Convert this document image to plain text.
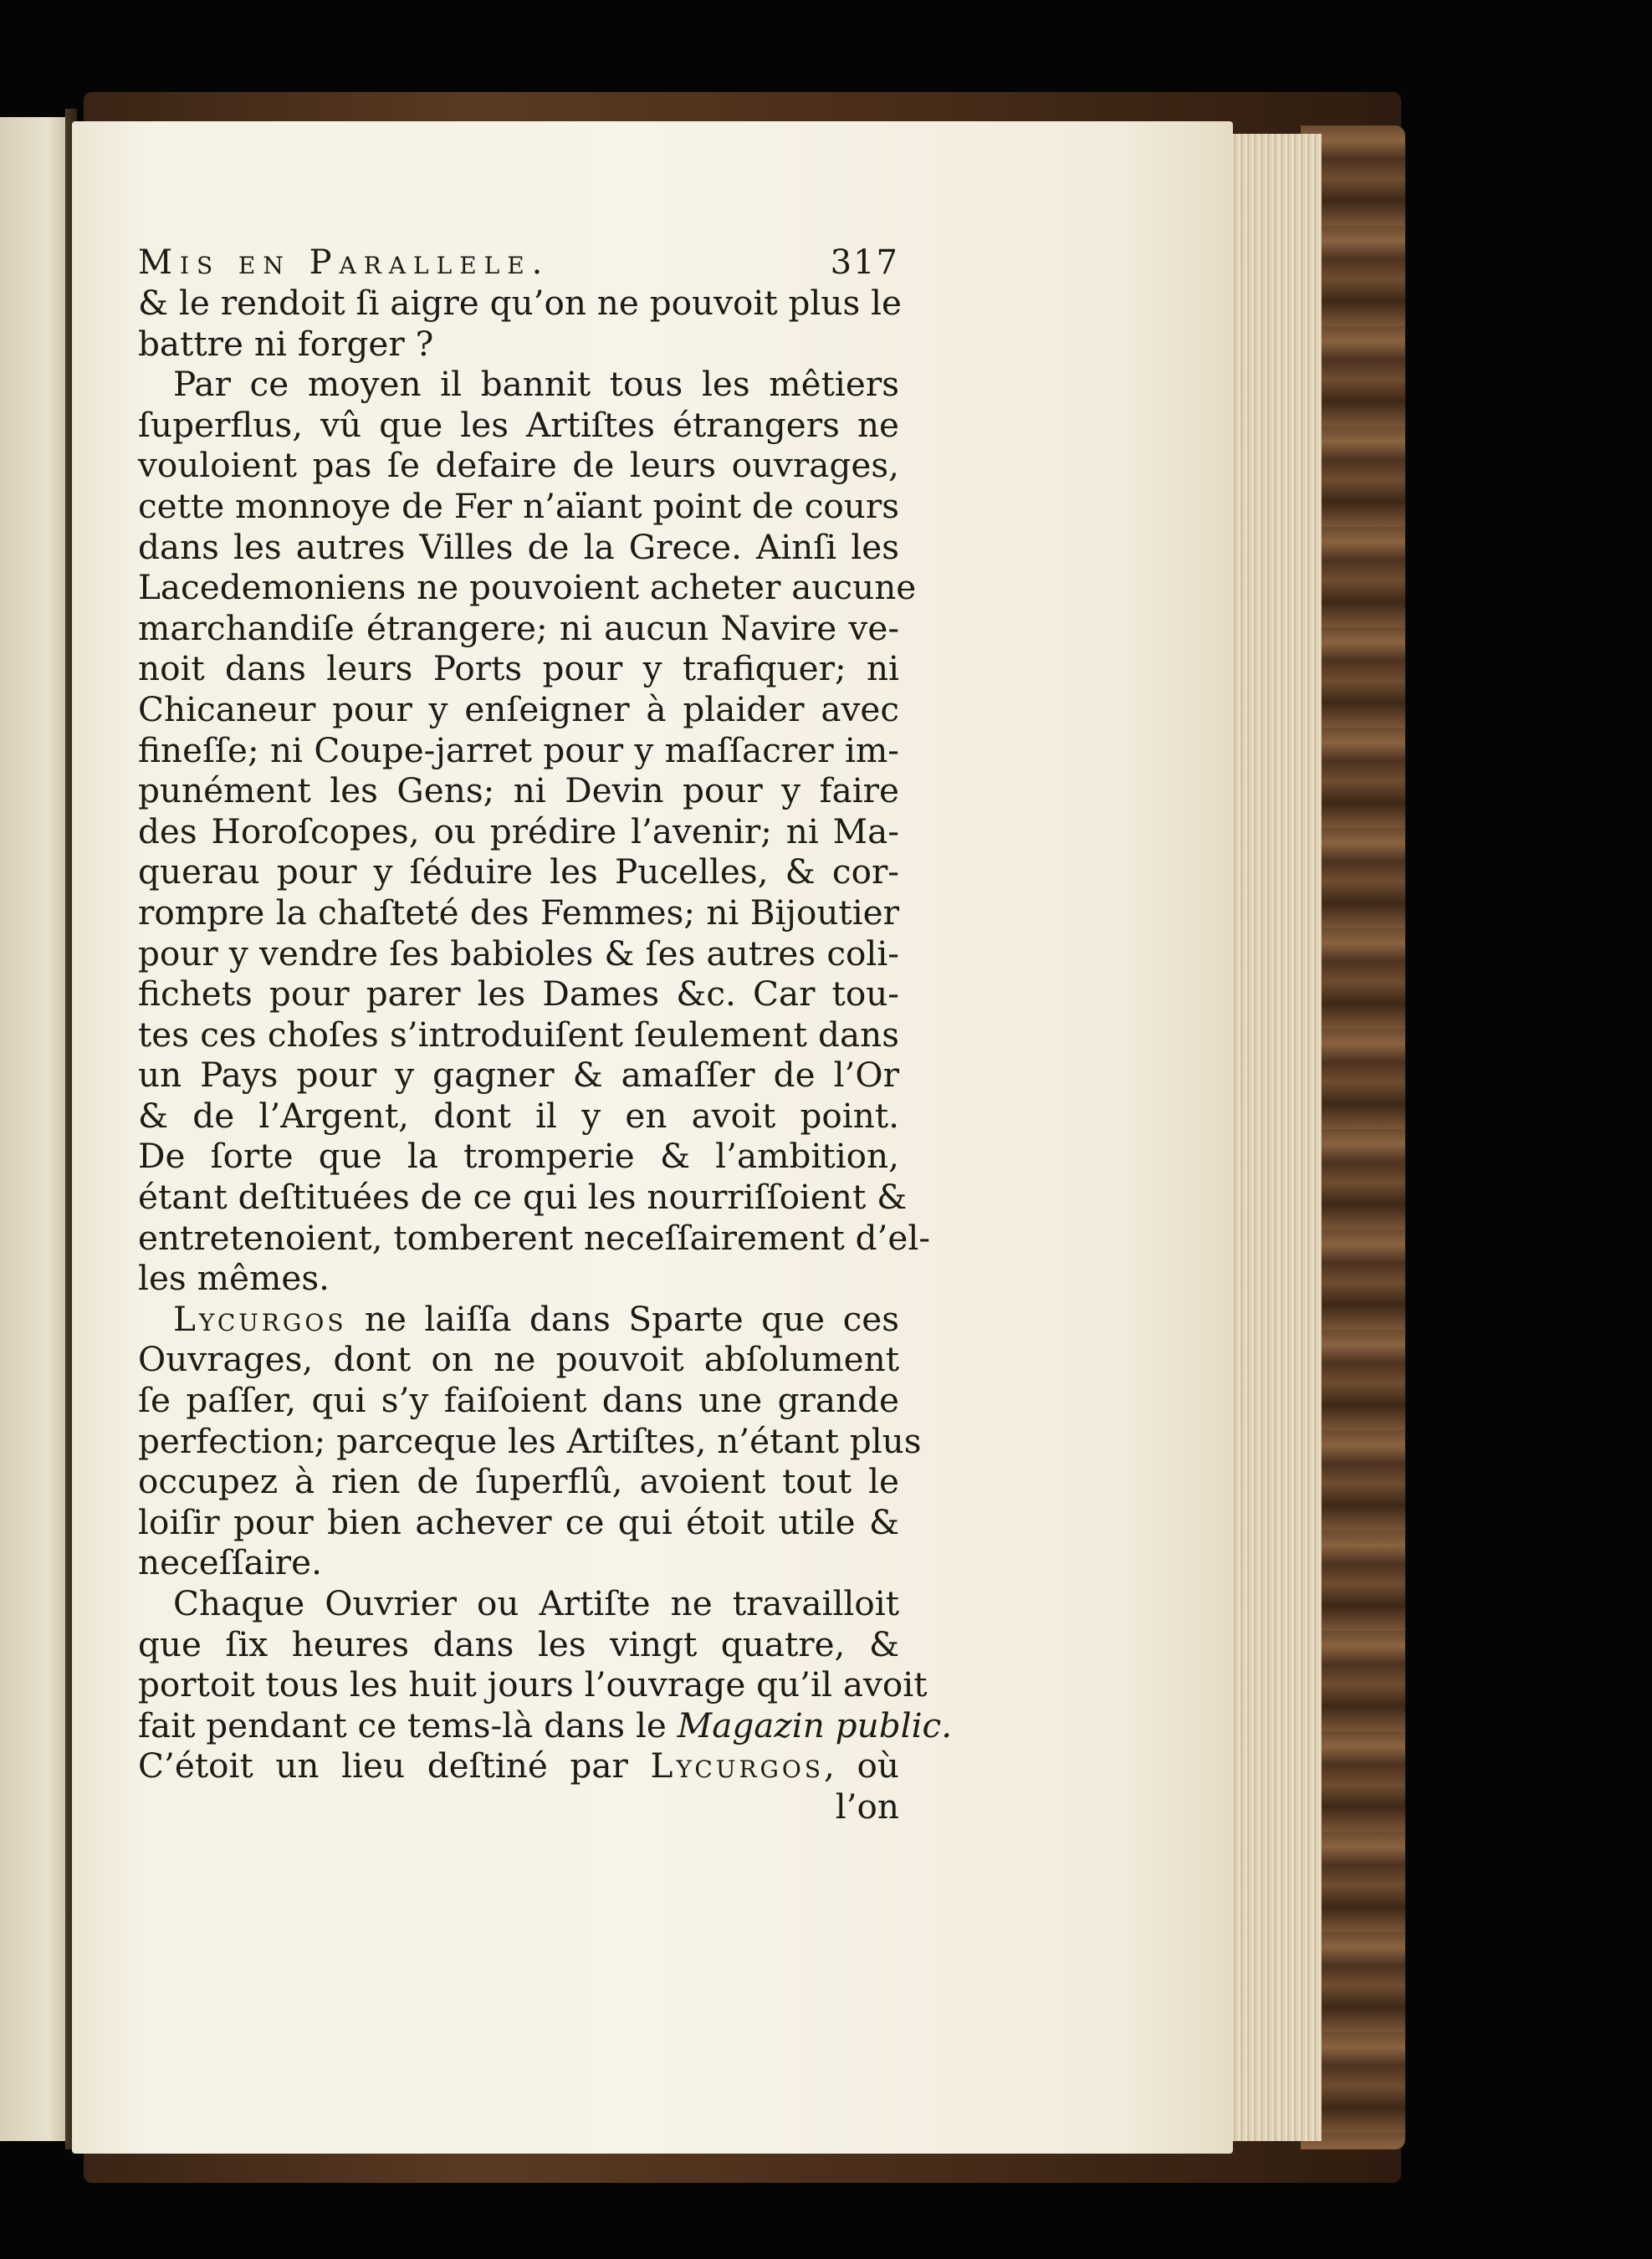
Mis en Parallele.	317
& le rendoit ſi aigre qu’on ne pouvoit plus le
battre ni forger ?
Par ce moyen il bannit tous les mêtiers
ſuperflus, vû que les Artiſtes étrangers ne
vouloient pas ſe defaire de leurs ouvrages,
cette monnoye de Fer n’aïant point de cours
dans les autres Villes de la Grece. Ainſi les
Lacedemoniens ne pouvoient acheter aucune
marchandiſe étrangere; ni aucun Navire ve-
noit dans leurs Ports pour y trafiquer; ni
Chicaneur pour y enſeigner à plaider avec
fineſſe; ni Coupe-jarret pour y maſſacrer im-
punément les Gens; ni Devin pour y faire
des Horoſcopes, ou prédire l’avenir; ni Ma-
querau pour y ſéduire les Pucelles, & cor-
rompre la chaſteté des Femmes; ni Bijoutier
pour y vendre ſes babioles & ſes autres coli-
fichets pour parer les Dames &c. Car tou-
tes ces choſes s’introduiſent ſeulement dans
un Pays pour y gagner & amaſſer de l’Or
& de l’Argent, dont il y en avoit point.
De ſorte que la tromperie & l’ambition,
étant deſtituées de ce qui les nourriſſoient &
entretenoient, tomberent neceſſairement d’el-
les mêmes.
Lycurgos ne laiſſa dans Sparte que ces
Ouvrages, dont on ne pouvoit abſolument
ſe paſſer, qui s’y faiſoient dans une grande
perfection; parceque les Artiſtes, n’étant plus
occupez à rien de ſuperflû, avoient tout le
loiſir pour bien achever ce qui étoit utile &
neceſſaire.
Chaque Ouvrier ou Artiſte ne travailloit
que ſix heures dans les vingt quatre, &
portoit tous les huit jours l’ouvrage qu’il avoit
fait pendant ce tems-là dans le Magazin public.
C’étoit un lieu deſtiné par Lycurgos, où
l’on
